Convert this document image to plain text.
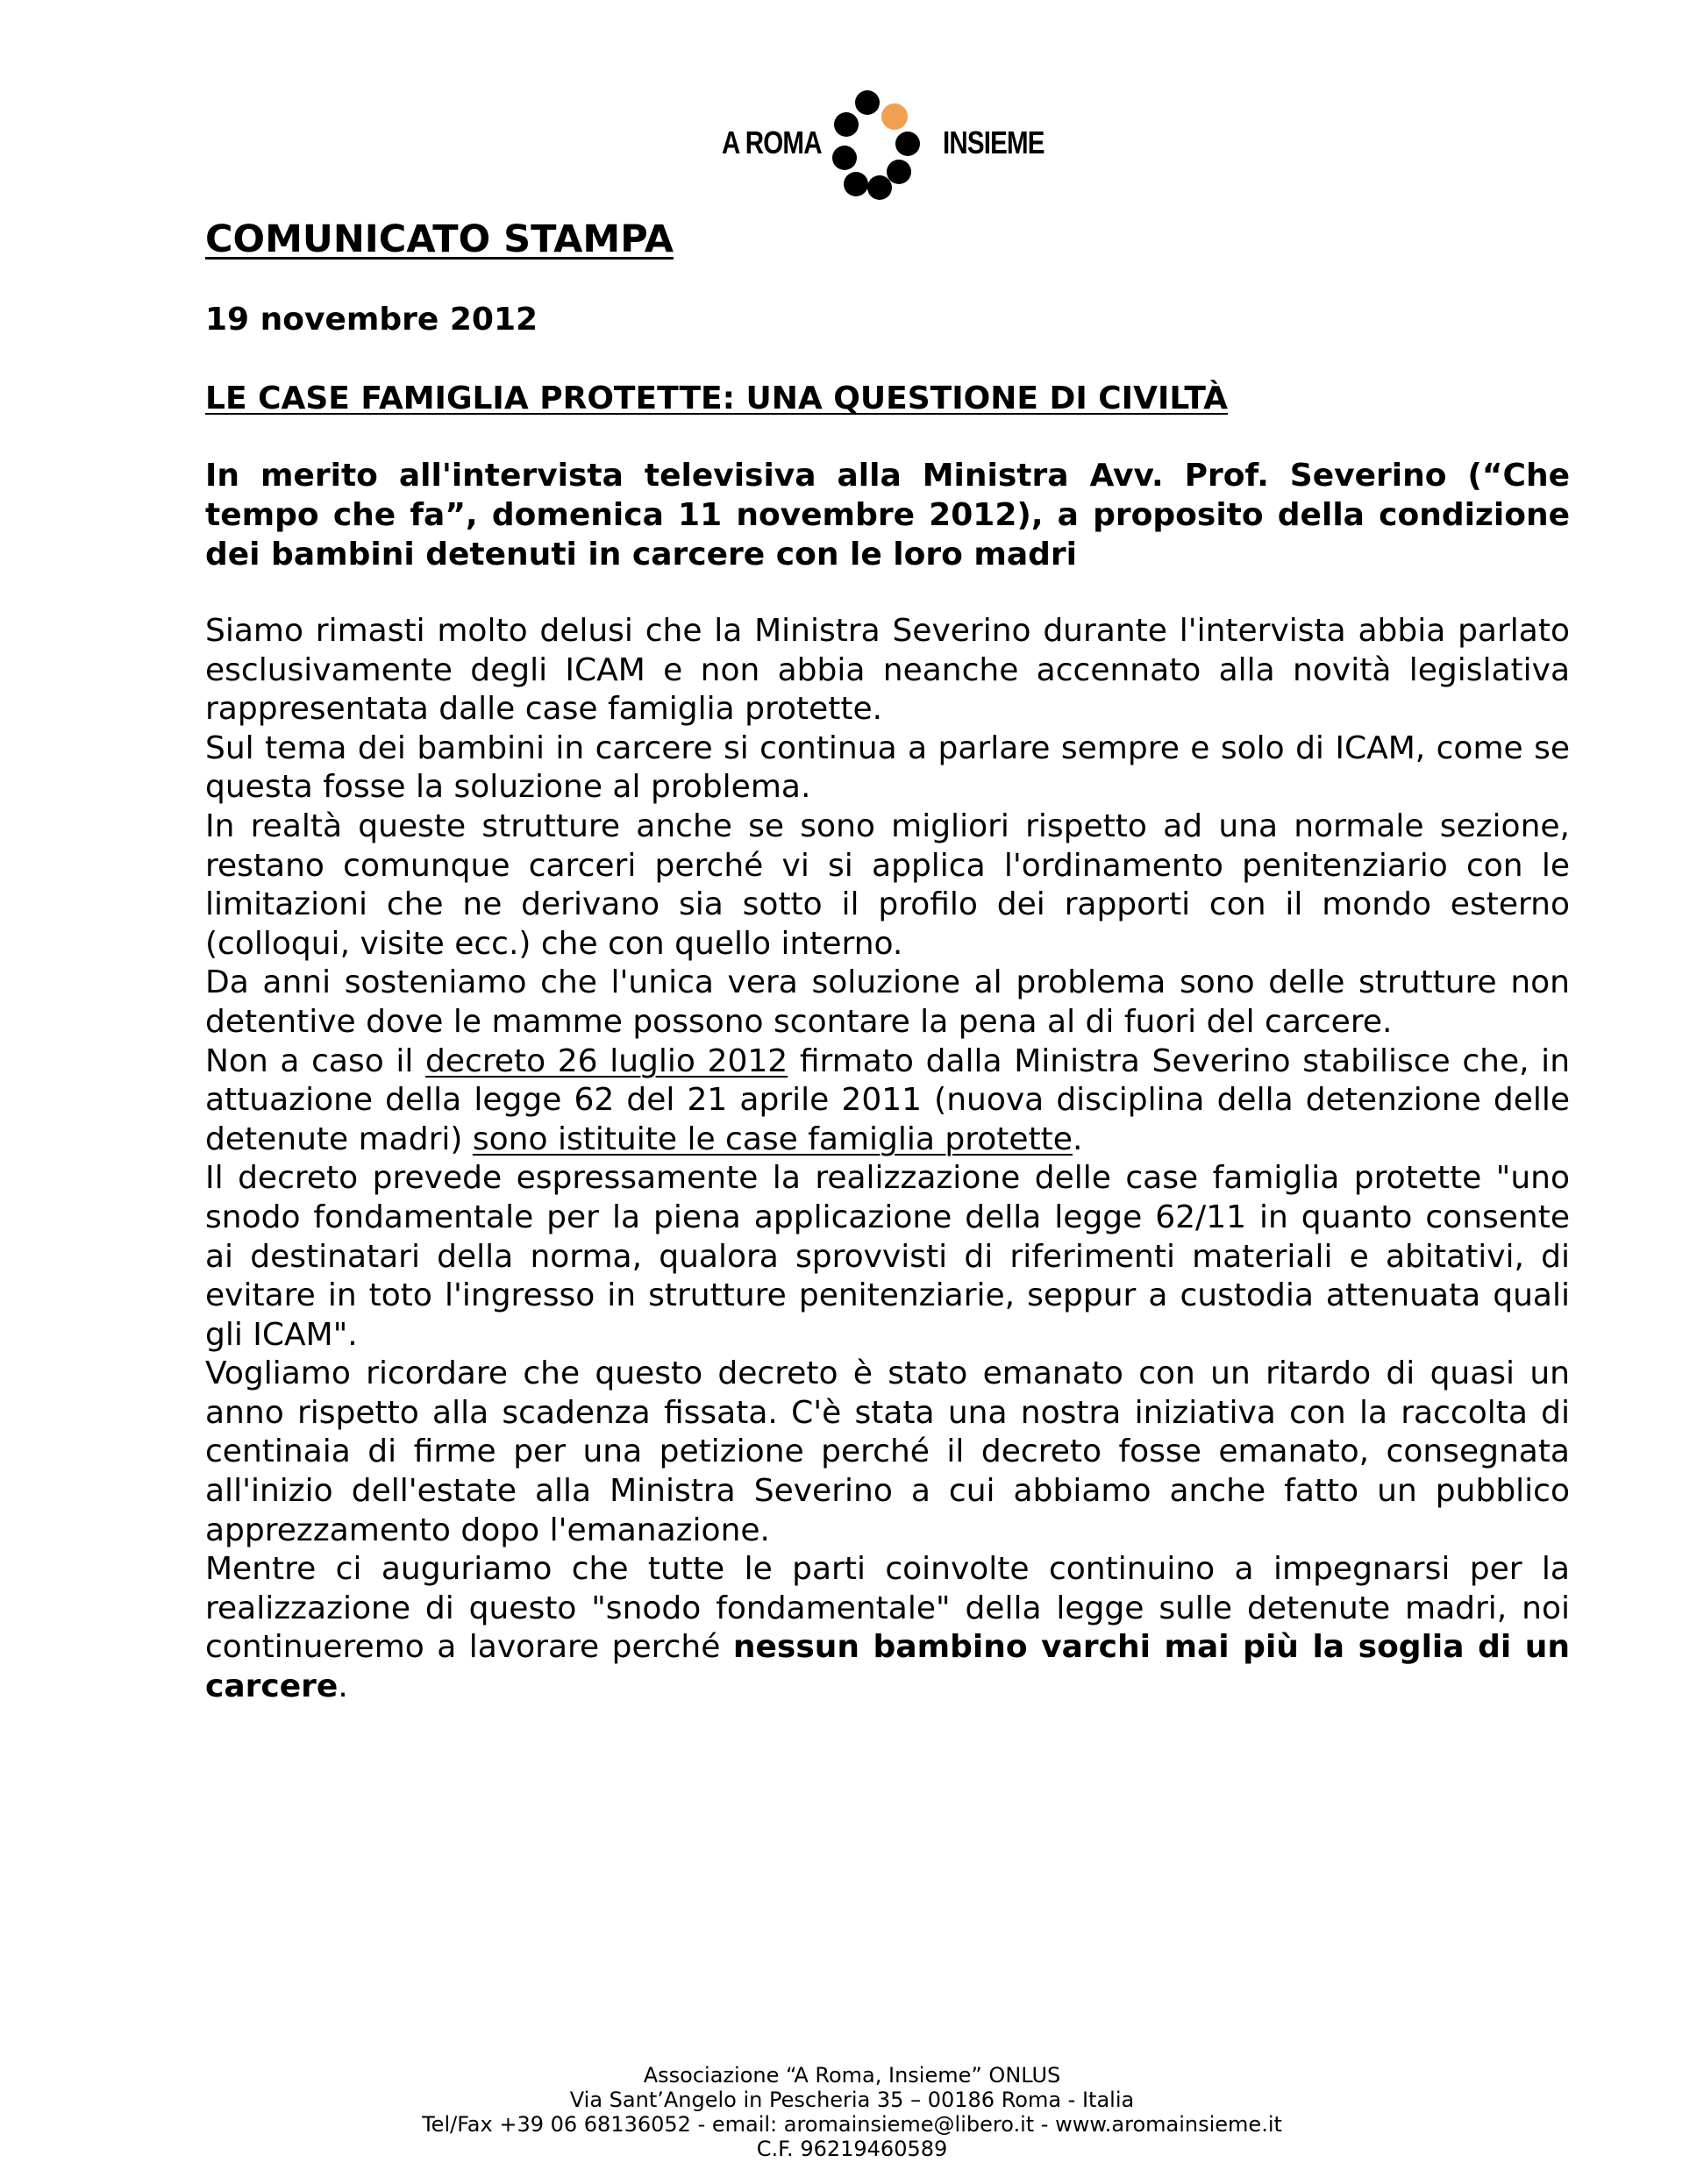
A ROMA	INSIEME
COMUNICATO STAMPA
19 novembre 2012
LE CASE FAMIGLIA PROTETTE: UNA QUESTIONE DI CIVILTÀ

In merito all'intervista televisiva alla Ministra Avv. Prof. Severino (“Che tempo che fa”, domenica 11 novembre 2012), a proposito della condizione dei bambini detenuti in carcere con le loro madri

Siamo rimasti molto delusi che la Ministra Severino durante l'intervista abbia parlato esclusivamente degli ICAM e non abbia neanche accennato alla novità legislativa rappresentata dalle case famiglia protette.

Sul tema dei bambini in carcere si continua a parlare sempre e solo di ICAM, come se questa fosse la soluzione al problema.

In realtà queste strutture anche se sono migliori rispetto ad una normale sezione, restano comunque carceri perché vi si applica l'ordinamento penitenziario con le limitazioni che ne derivano sia sotto il profilo dei rapporti con il mondo esterno (colloqui, visite ecc.) che con quello interno.

Da anni sosteniamo che l'unica vera soluzione al problema sono delle strutture non detentive dove le mamme possono scontare la pena al di fuori del carcere.

Non a caso il decreto 26 luglio 2012 firmato dalla Ministra Severino stabilisce che, in attuazione della legge 62 del 21 aprile 2011 (nuova disciplina della detenzione delle detenute madri) sono istituite le case famiglia protette.

Il decreto prevede espressamente la realizzazione delle case famiglia protette "uno snodo fondamentale per la piena applicazione della legge 62/11 in quanto consente ai destinatari della norma, qualora sprovvisti di riferimenti materiali e abitativi, di evitare in toto l'ingresso in strutture penitenziarie, seppur a custodia attenuata quali gli ICAM".

Vogliamo ricordare che questo decreto è stato emanato con un ritardo di quasi un anno rispetto alla scadenza fissata. C'è stata una nostra iniziativa con la raccolta di centinaia di firme per una petizione perché il decreto fosse emanato, consegnata all'inizio dell'estate alla Ministra Severino a cui abbiamo anche fatto un pubblico apprezzamento dopo l'emanazione.

Mentre ci auguriamo che tutte le parti coinvolte continuino a impegnarsi per la realizzazione di questo "snodo fondamentale" della legge sulle detenute madri, noi continueremo a lavorare perché nessun bambino varchi mai più la soglia di un carcere.

Associazione “A Roma, Insieme” ONLUS
Via Sant’Angelo in Pescheria 35 – 00186 Roma - Italia
Tel/Fax +39 06 68136052 - email: aromainsieme@libero.it - www.aromainsieme.it
C.F. 96219460589
